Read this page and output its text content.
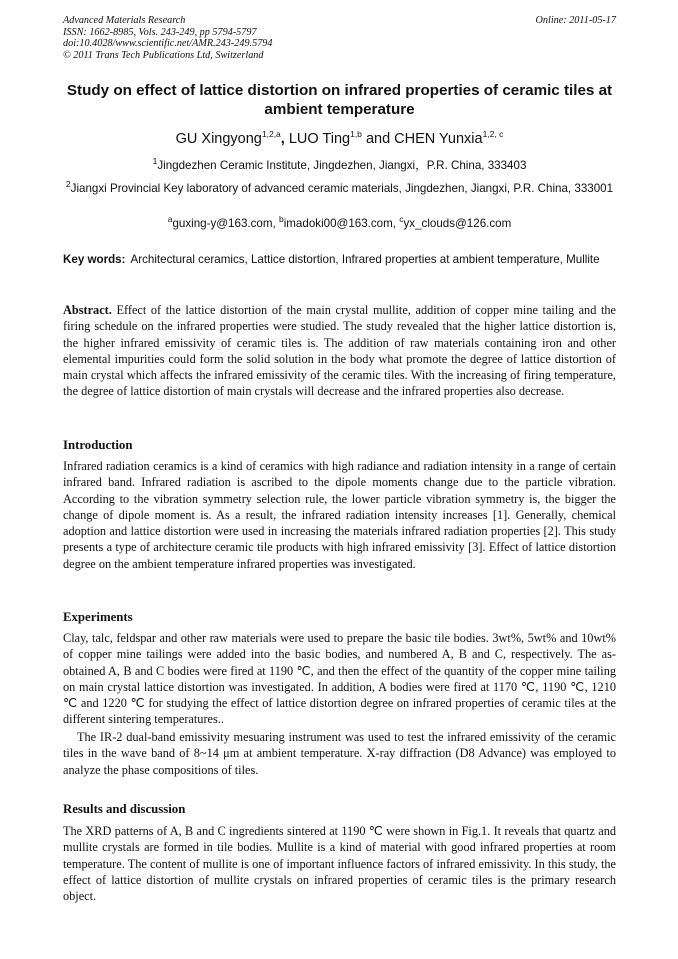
Advanced Materials Research
ISSN: 1662-8985, Vols. 243-249, pp 5794-5797
doi:10.4028/www.scientific.net/AMR.243-249.5794
© 2011 Trans Tech Publications Ltd, Switzerland
Online: 2011-05-17
Study on effect of lattice distortion on infrared properties of ceramic tiles at ambient temperature
GU Xingyong$^{1,2,a}$, LUO Ting$^{1,b}$ and CHEN Yunxia$^{1,2, c}$
$^1$Jingdezhen Ceramic Institute, Jingdezhen, Jiangxi，P.R. China, 333403
$^2$Jiangxi Provincial Key laboratory of advanced ceramic materials, Jingdezhen, Jiangxi, P.R. China, 333001
$^a$guxing-y@163.com, $^b$imadoki00@163.com, $^c$yx_clouds@126.com
Key words: Architectural ceramics, Lattice distortion, Infrared properties at ambient temperature, Mullite
Abstract. Effect of the lattice distortion of the main crystal mullite, addition of copper mine tailing and the firing schedule on the infrared properties were studied. The study revealed that the higher lattice distortion is, the higher infrared emissivity of ceramic tiles is. The addition of raw materials containing iron and other elemental impurities could form the solid solution in the body what promote the degree of lattice distortion of main crystal which affects the infrared emissivity of the ceramic tiles. With the increasing of firing temperature, the degree of lattice distortion of main crystals will decrease and the infrared properties also decrease.
Introduction
Infrared radiation ceramics is a kind of ceramics with high radiance and radiation intensity in a range of certain infrared band. Infrared radiation is ascribed to the dipole moments change due to the particle vibration. According to the vibration symmetry selection rule, the lower particle vibration symmetry is, the bigger the change of dipole moment is. As a result, the infrared radiation intensity increases [1]. Generally, chemical adoption and lattice distortion were used in increasing the materials infrared radiation properties [2]. This study presents a type of architecture ceramic tile products with high infrared emissivity [3]. Effect of lattice distortion degree on the ambient temperature infrared properties was investigated.
Experiments
Clay, talc, feldspar and other raw materials were used to prepare the basic tile bodies. 3wt%, 5wt% and 10wt% of copper mine tailings were added into the basic bodies, and numbered A, B and C, respectively. The as-obtained A, B and C bodies were fired at 1190 ℃, and then the effect of the quantity of the copper mine tailing on main crystal lattice distortion was investigated. In addition, A bodies were fired at 1170 ℃, 1190 ℃, 1210 ℃ and 1220 ℃ for studying the effect of lattice distortion degree on infrared properties of ceramic tiles at the different sintering temperatures..
The IR-2 dual-band emissivity mesuaring instrument was used to test the infrared emissivity of the ceramic tiles in the wave band of 8~14 μm at ambient temperature. X-ray diffraction (D8 Advance) was employed to analyze the phase compositions of tiles.
Results and discussion
The XRD patterns of A, B and C ingredients sintered at 1190 ℃ were shown in Fig.1. It reveals that quartz and mullite crystals are formed in tile bodies. Mullite is a kind of material with good infrared properties at room temperature. The content of mullite is one of important influence factors of infrared emissivity. In this study, the effect of lattice distortion of mullite crystals on infrared properties of ceramic tiles is the primary research object.
